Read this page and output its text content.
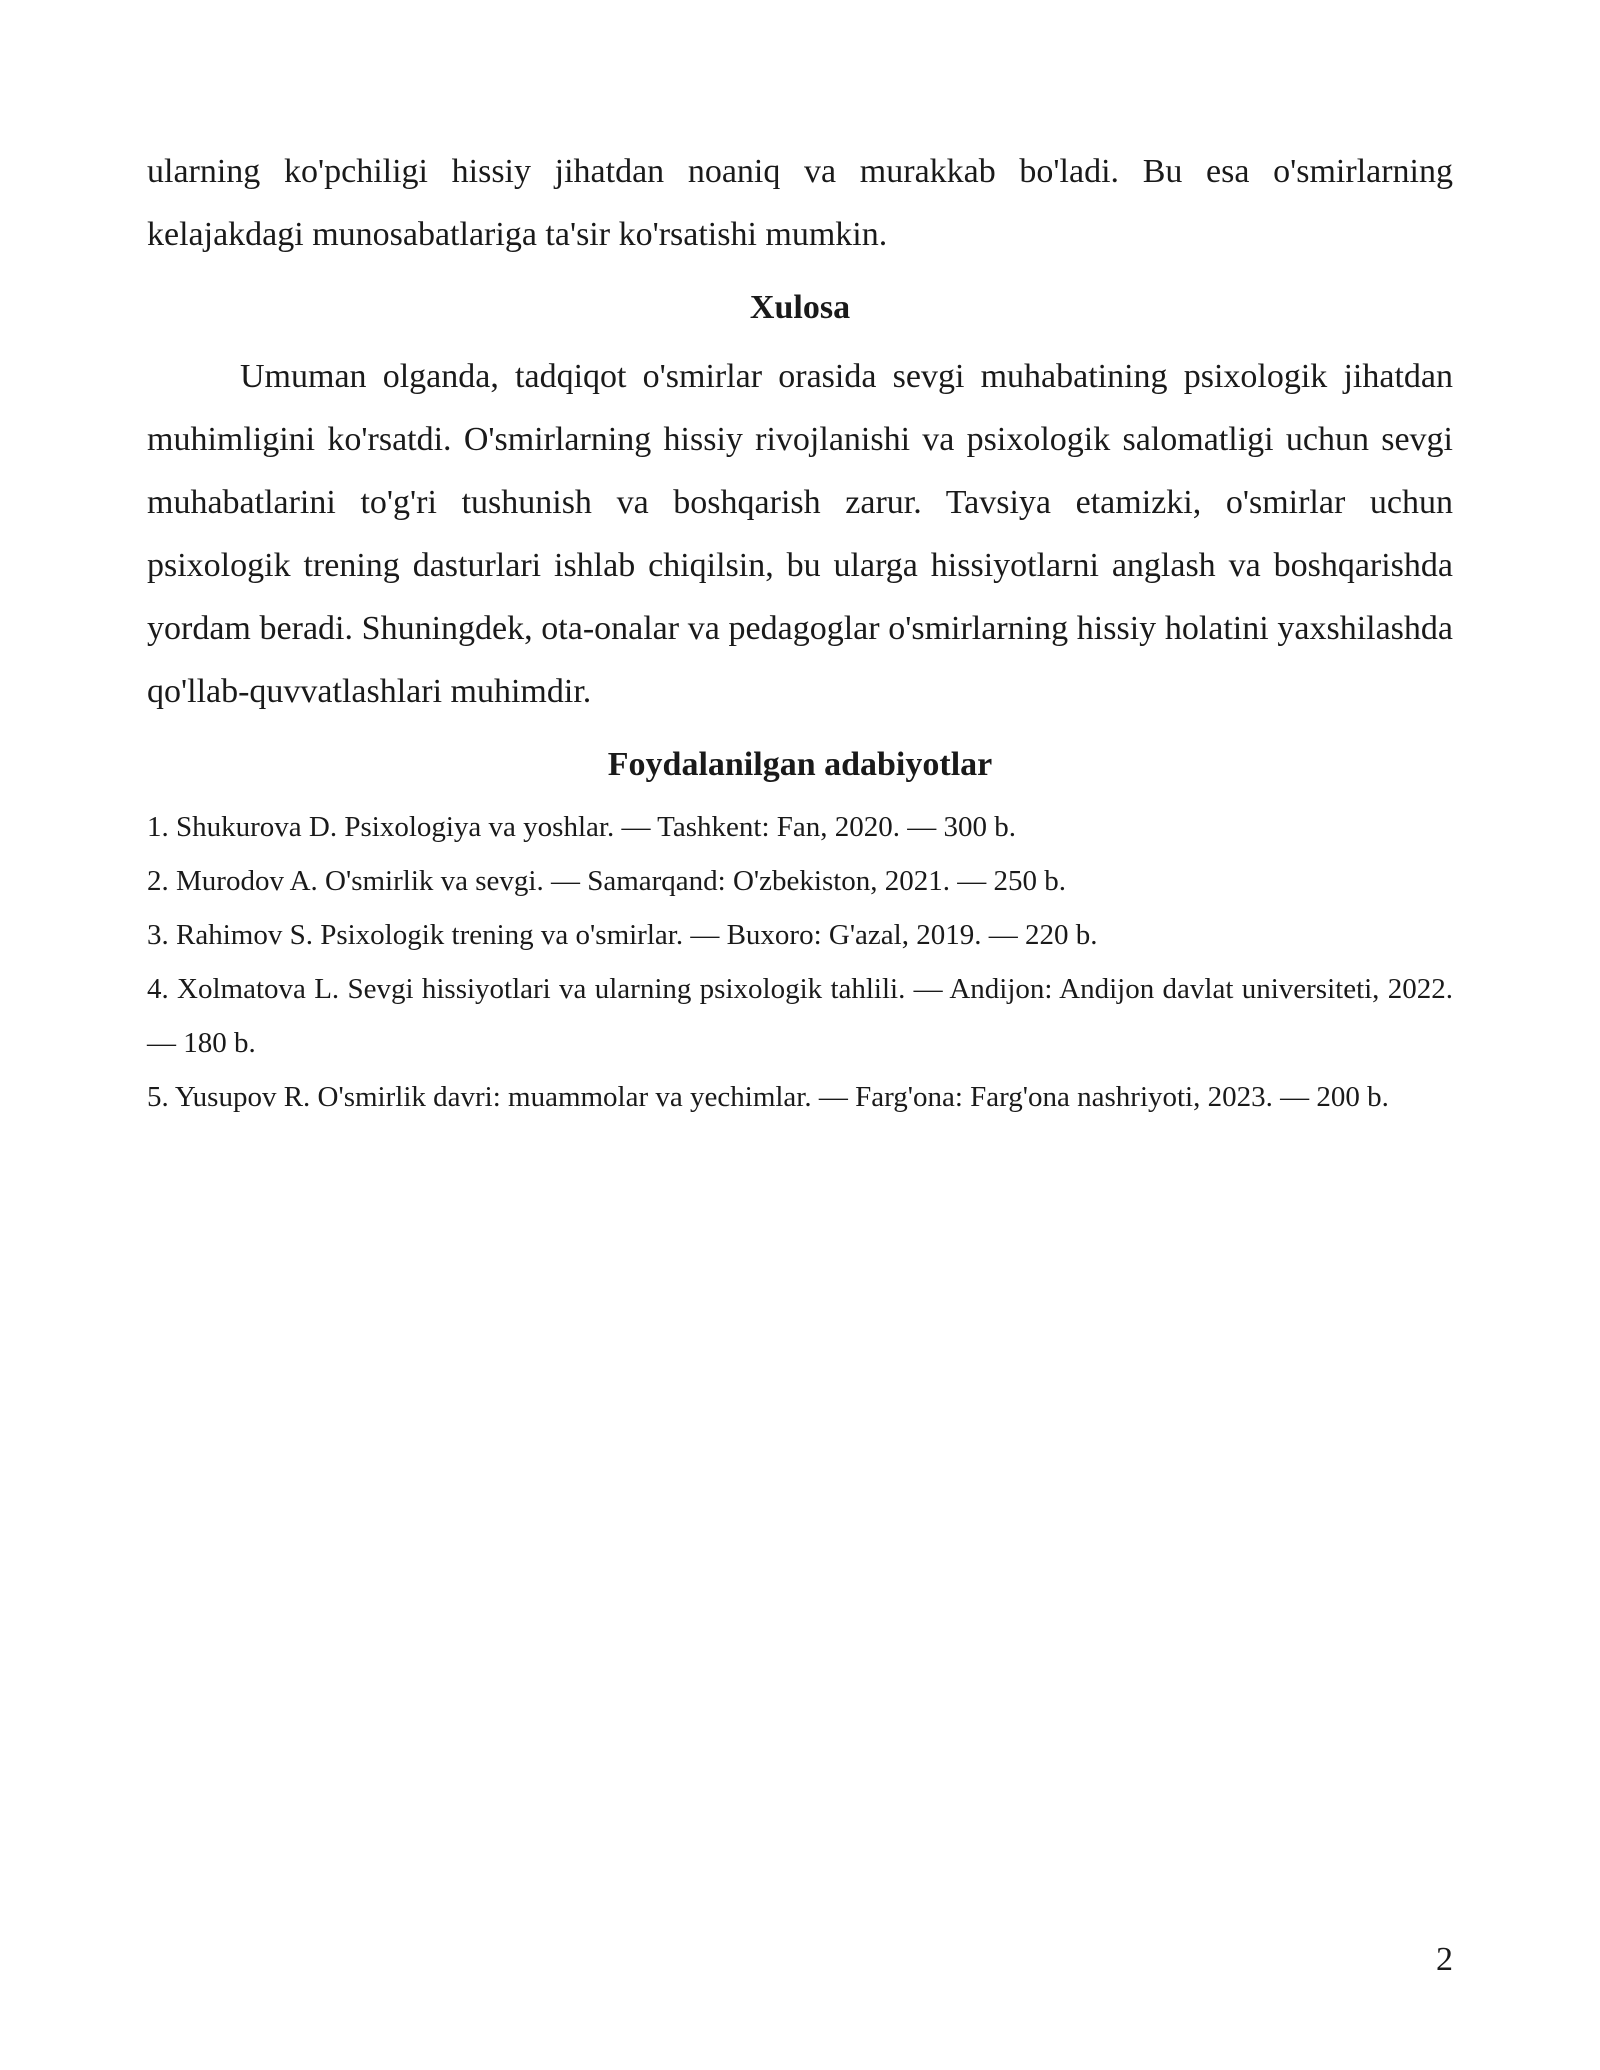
ularning ko'pchiligi hissiy jihatdan noaniq va murakkab bo'ladi. Bu esa o'smirlarning kelajakdagi munosabatlariga ta'sir ko'rsatishi mumkin.

Xulosa

Umuman olganda, tadqiqot o'smirlar orasida sevgi muhabatining psixologik jihatdan muhimligini ko'rsatdi. O'smirlarning hissiy rivojlanishi va psixologik salomatligi uchun sevgi muhabatlarini to'g'ri tushunish va boshqarish zarur. Tavsiya etamizki, o'smirlar uchun psixologik trening dasturlari ishlab chiqilsin, bu ularga hissiyotlarni anglash va boshqarishda yordam beradi. Shuningdek, ota-onalar va pedagoglar o'smirlarning hissiy holatini yaxshilashda qo'llab-quvvatlashlari muhimdir.

Foydalanilgan adabiyotlar
1. Shukurova D. Psixologiya va yoshlar. — Tashkent: Fan, 2020. — 300 b.
2. Murodov A. O'smirlik va sevgi. — Samarqand: O'zbekiston, 2021. — 250 b.
3. Rahimov S. Psixologik trening va o'smirlar. — Buxoro: G'azal, 2019. — 220 b.
4. Xolmatova L. Sevgi hissiyotlari va ularning psixologik tahlili. — Andijon: Andijon davlat universiteti, 2022. — 180 b.
5. Yusupov R. O'smirlik davri: muammolar va yechimlar. — Farg'ona: Farg'ona nashriyoti, 2023. — 200 b.
2
